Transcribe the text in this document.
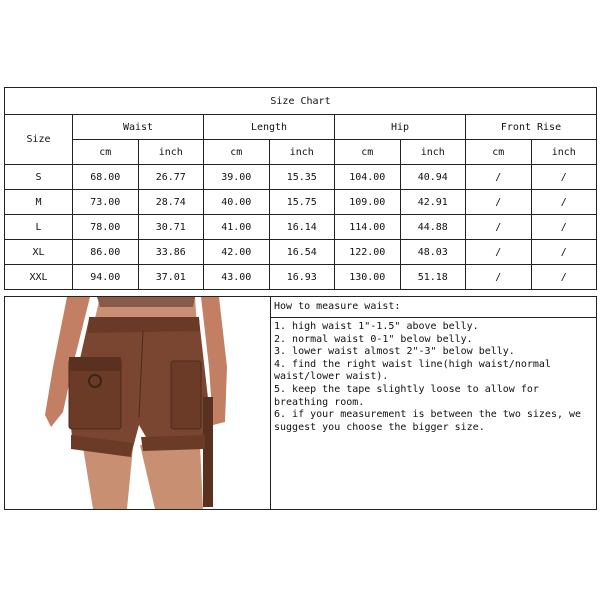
Size Chart								
Size	Waist		Length		Hip		Front Rise	
	cm	inch	cm	inch	cm	inch	cm	inch
S	68.00	26.77	39.00	15.35	104.00	40.94	/	/
M	73.00	28.74	40.00	15.75	109.00	42.91	/	/
L	78.00	30.71	41.00	16.14	114.00	44.88	/	/
XL	86.00	33.86	42.00	16.54	122.00	48.03	/	/
XXL	94.00	37.01	43.00	16.93	130.00	51.18	/	/
How to measure waist:
1. high waist 1"-1.5" above belly.
2. normal waist 0-1" below belly.
3. lower waist almost 2"-3" below belly.
4. find the right waist line(high waist/normal waist/lower waist).
5. keep the tape slightly loose to allow for breathing room.
6. if your measurement is between the two sizes, we suggest you choose the bigger size.
